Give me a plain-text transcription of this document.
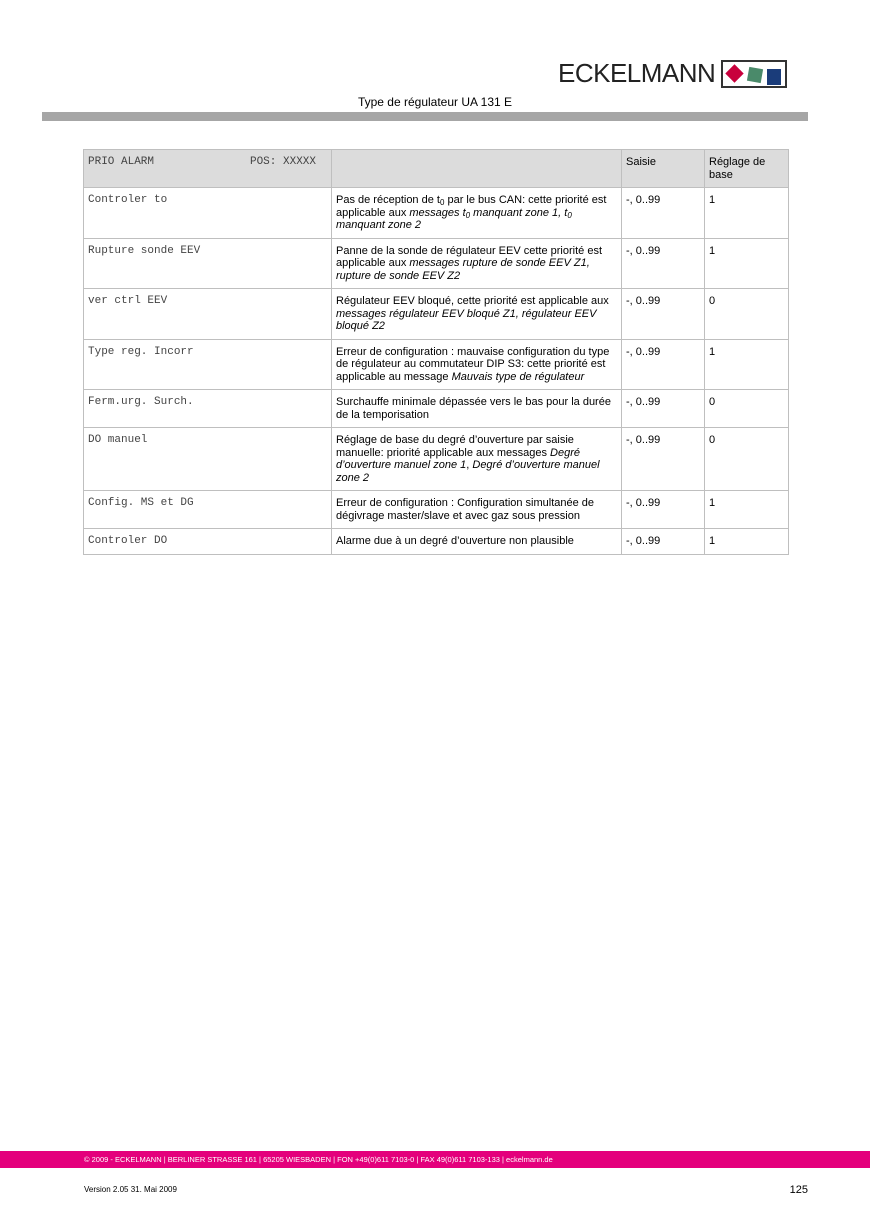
ECKELMANN
Type de régulateur UA 131 E
PRIO ALARM POS: XXXXX		Saisie	Réglage de base
Controler to	Pas de réception de $t_0$ par le bus CAN: cette priorité est applicable aux messages $t_0$ manquant zone 1, $t_0$ manquant zone 2	-, 0..99	1
Rupture sonde EEV	Panne de la sonde de régulateur EEV cette priorité est applicable aux messages rupture de sonde EEV Z1, rupture de sonde EEV Z2	-, 0..99	1
ver ctrl EEV	Régulateur EEV bloqué, cette priorité est applicable aux messages régulateur EEV bloqué Z1, régulateur EEV bloqué Z2	-, 0..99	0
Type reg. Incorr	Erreur de configuration : mauvaise configuration du type de régulateur au commutateur DIP S3: cette priorité est applicable au message Mauvais type de régulateur	-, 0..99	1
Ferm.urg. Surch.	Surchauffe minimale dépassée vers le bas pour la durée de la temporisation	-, 0..99	0
DO manuel	Réglage de base du degré d’ouverture par saisie manuelle: priorité applicable aux messages Degré d’ouverture manuel zone 1, Degré d’ouverture manuel zone 2	-, 0..99	0
Config. MS et DG	Erreur de configuration : Configuration simultanée de dégivrage master/slave et avec gaz sous pression	-, 0..99	1
Controler DO	Alarme due à un degré d’ouverture non plausible	-, 0..99	1
© 2009 - ECKELMANN | BERLINER STRASSE 161 | 65205 WIESBADEN | FON +49(0)611 7103-0 | FAX 49(0)611 7103-133 | eckelmann.de
Version 2.05 31. Mai 2009	125
